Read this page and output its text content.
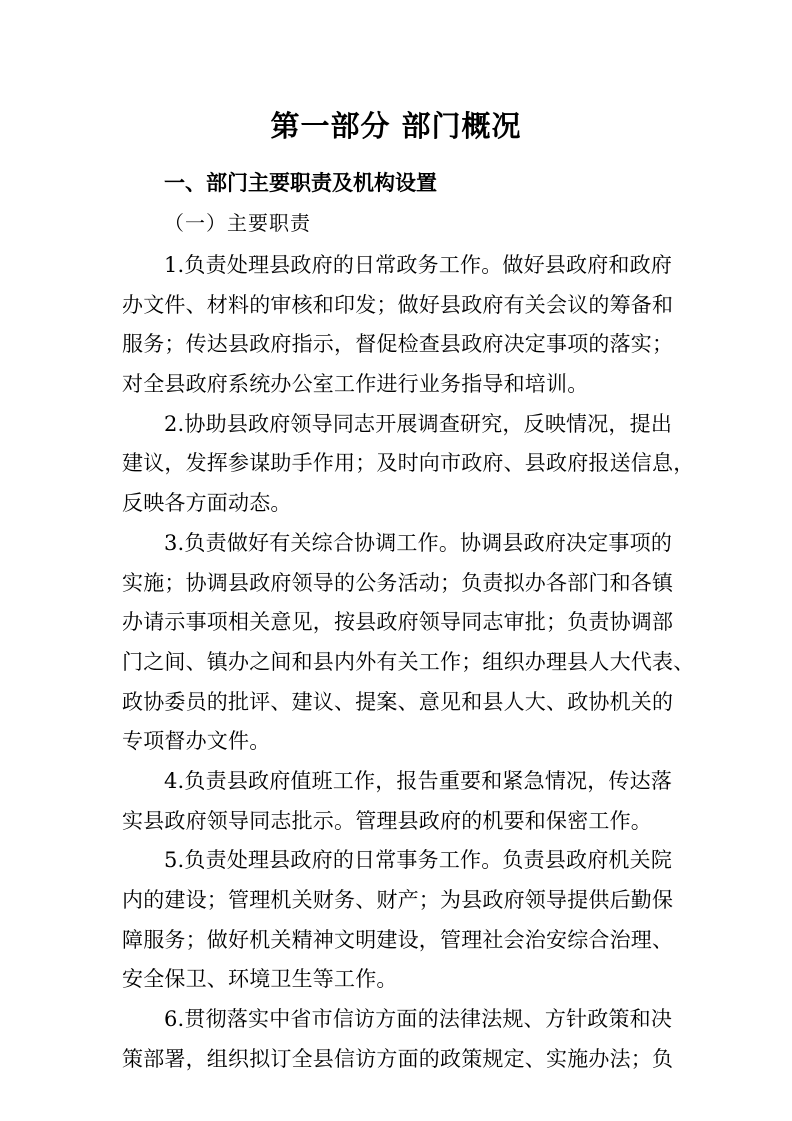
第一部分 部门概况
一、部门主要职责及机构设置
（一）主要职责
1.负责处理县政府的日常政务工作。做好县政府和政府
办文件、材料的审核和印发；做好县政府有关会议的筹备和
服务；传达县政府指示，督促检查县政府决定事项的落实；
对全县政府系统办公室工作进行业务指导和培训。
2.协助县政府领导同志开展调查研究，反映情况，提出
建议，发挥参谋助手作用；及时向市政府、县政府报送信息，
反映各方面动态。
3.负责做好有关综合协调工作。协调县政府决定事项的
实施；协调县政府领导的公务活动；负责拟办各部门和各镇
办请示事项相关意见，按县政府领导同志审批；负责协调部
门之间、镇办之间和县内外有关工作；组织办理县人大代表、
政协委员的批评、建议、提案、意见和县人大、政协机关的
专项督办文件。
4.负责县政府值班工作，报告重要和紧急情况，传达落
实县政府领导同志批示。管理县政府的机要和保密工作。
5.负责处理县政府的日常事务工作。负责县政府机关院
内的建设；管理机关财务、财产；为县政府领导提供后勤保
障服务；做好机关精神文明建设，管理社会治安综合治理、
安全保卫、环境卫生等工作。
6.贯彻落实中省市信访方面的法律法规、方针政策和决
策部署，组织拟订全县信访方面的政策规定、实施办法；负
